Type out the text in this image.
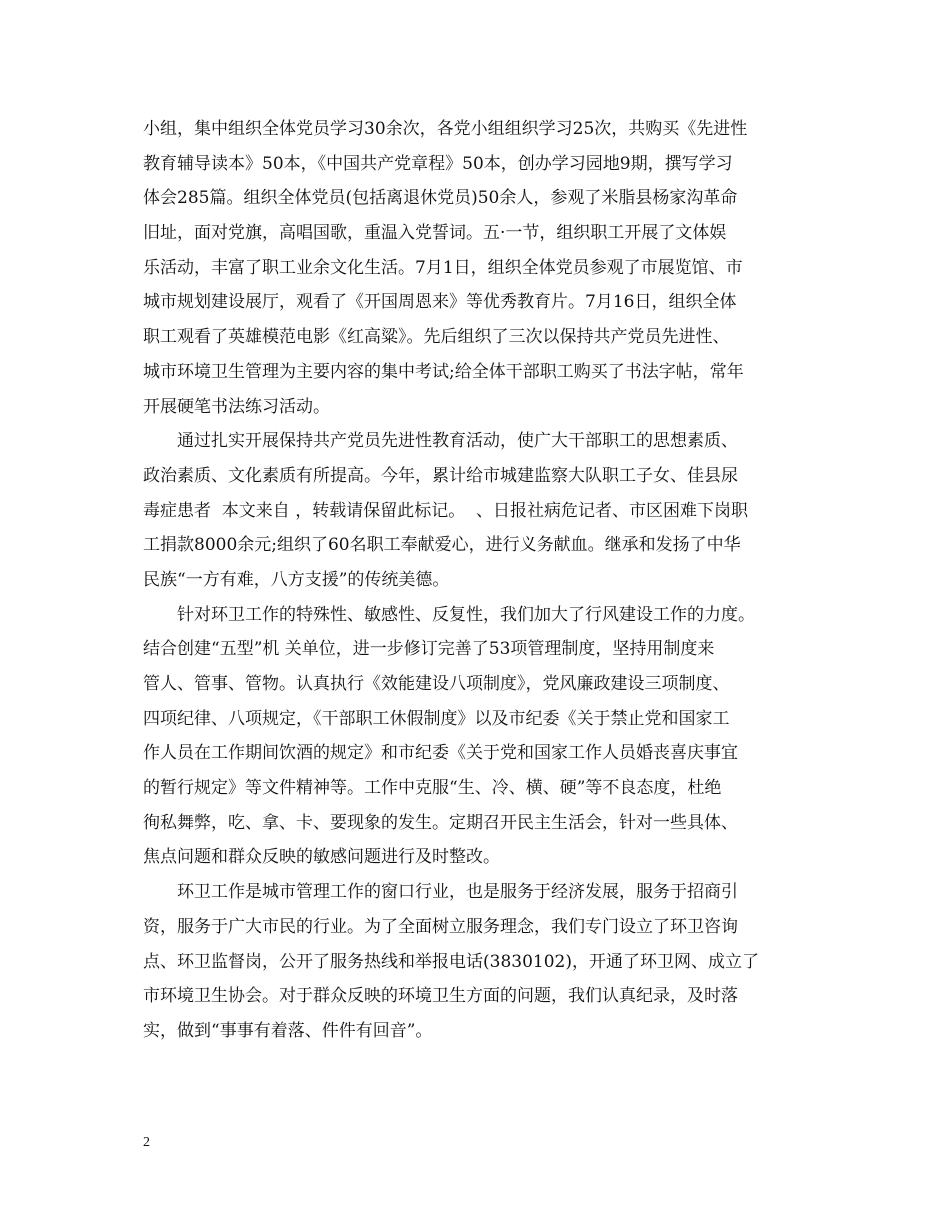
小组，集中组织全体党员学习30余次，各党小组组织学习25次，共购买《先进性
教育辅导读本》50本，《中国共产党章程》50本，创办学习园地9期，撰写学习
体会285篇。组织全体党员(包括离退休党员)50余人，参观了米脂县杨家沟革命
旧址，面对党旗，高唱国歌，重温入党誓词。五·一节，组织职工开展了文体娱
乐活动，丰富了职工业余文化生活。7月1日，组织全体党员参观了市展览馆、市
城市规划建设展厅，观看了《开国周恩来》等优秀教育片。7月16日，组织全体
职工观看了英雄模范电影《红高粱》。先后组织了三次以保持共产党员先进性、
城市环境卫生管理为主要内容的集中考试;给全体干部职工购买了书法字帖，常年
开展硬笔书法练习活动。
通过扎实开展保持共产党员先进性教育活动，使广大干部职工的思想素质、
政治素质、文化素质有所提高。今年，累计给市城建监察大队职工子女、佳县尿
毒症患者  本文来自 ，转载请保留此标记。  、日报社病危记者、市区困难下岗职
工捐款8000余元;组织了60名职工奉献爱心，进行义务献血。继承和发扬了中华
民族“一方有难，八方支援”的传统美德。
针对环卫工作的特殊性、敏感性、反复性，我们加大了行风建设工作的力度。
结合创建“五型”机 关单位，进一步修订完善了53项管理制度，坚持用制度来
管人、管事、管物。认真执行《效能建设八项制度》，党风廉政建设三项制度、
四项纪律、八项规定，《干部职工休假制度》以及市纪委《关于禁止党和国家工
作人员在工作期间饮酒的规定》和市纪委《关于党和国家工作人员婚丧喜庆事宜
的暂行规定》等文件精神等。工作中克服“生、冷、横、硬”等不良态度，杜绝
徇私舞弊，吃、拿、卡、要现象的发生。定期召开民主生活会，针对一些具体、
焦点问题和群众反映的敏感问题进行及时整改。
环卫工作是城市管理工作的窗口行业，也是服务于经济发展，服务于招商引
资，服务于广大市民的行业。为了全面树立服务理念，我们专门设立了环卫咨询
点、环卫监督岗，公开了服务热线和举报电话(3830102)，开通了环卫网、成立了
市环境卫生协会。对于群众反映的环境卫生方面的问题，我们认真纪录，及时落
实，做到“事事有着落、件件有回音”。
2
